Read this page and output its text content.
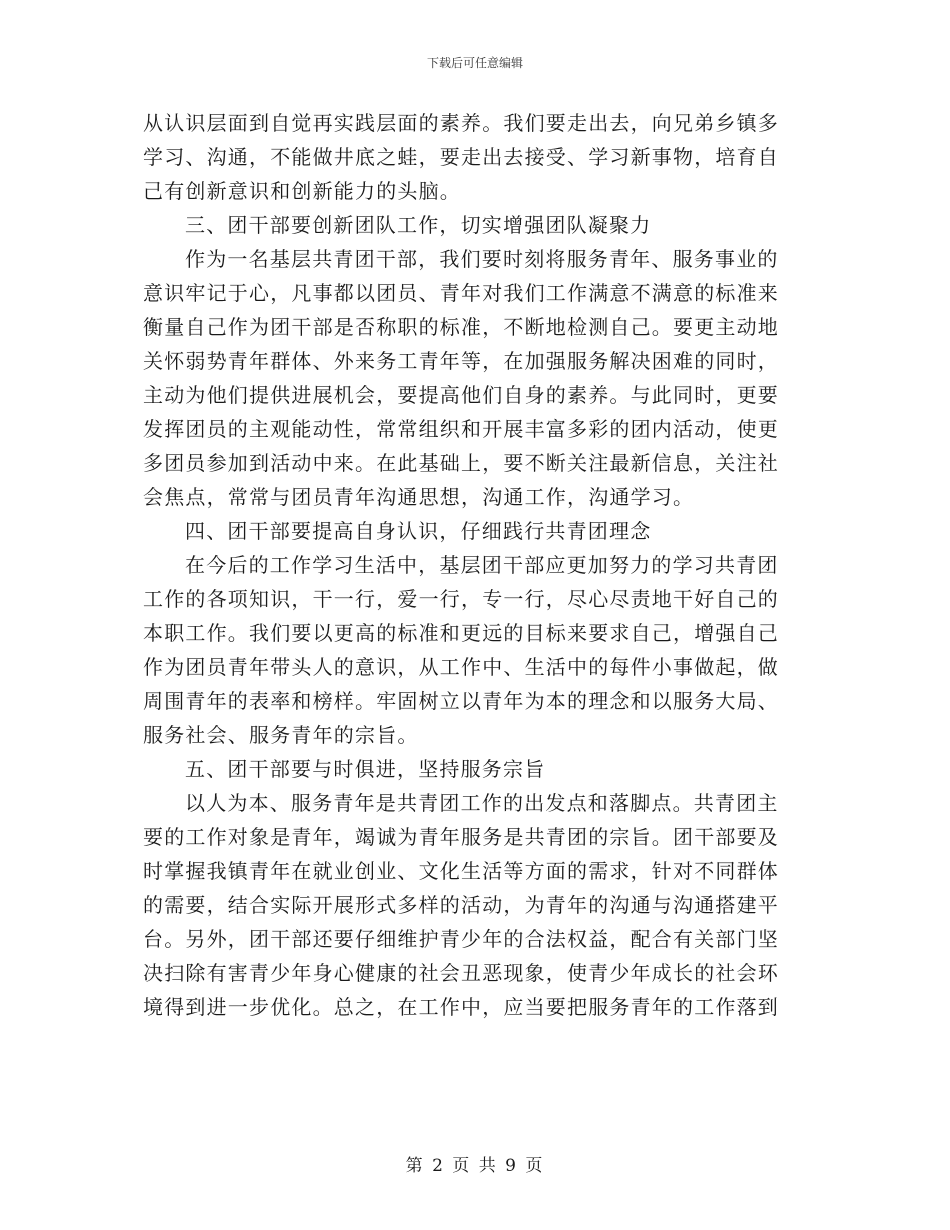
下载后可任意编辑
从认识层面到自觉再实践层面的素养。我们要走出去，向兄弟乡镇多
学习、沟通，不能做井底之蛙，要走出去接受、学习新事物，培育自
己有创新意识和创新能力的头脑。
三、团干部要创新团队工作，切实增强团队凝聚力
作为一名基层共青团干部，我们要时刻将服务青年、服务事业的
意识牢记于心，凡事都以团员、青年对我们工作满意不满意的标准来
衡量自己作为团干部是否称职的标准，不断地检测自己。要更主动地
关怀弱势青年群体、外来务工青年等，在加强服务解决困难的同时，
主动为他们提供进展机会，要提高他们自身的素养。与此同时，更要
发挥团员的主观能动性，常常组织和开展丰富多彩的团内活动，使更
多团员参加到活动中来。在此基础上，要不断关注最新信息，关注社
会焦点，常常与团员青年沟通思想，沟通工作，沟通学习。
四、团干部要提高自身认识，仔细践行共青团理念
在今后的工作学习生活中，基层团干部应更加努力的学习共青团
工作的各项知识，干一行，爱一行，专一行，尽心尽责地干好自己的
本职工作。我们要以更高的标准和更远的目标来要求自己，增强自己
作为团员青年带头人的意识，从工作中、生活中的每件小事做起，做
周围青年的表率和榜样。牢固树立以青年为本的理念和以服务大局、
服务社会、服务青年的宗旨。
五、团干部要与时俱进，坚持服务宗旨
以人为本、服务青年是共青团工作的出发点和落脚点。共青团主
要的工作对象是青年，竭诚为青年服务是共青团的宗旨。团干部要及
时掌握我镇青年在就业创业、文化生活等方面的需求，针对不同群体
的需要，结合实际开展形式多样的活动，为青年的沟通与沟通搭建平
台。另外，团干部还要仔细维护青少年的合法权益，配合有关部门坚
决扫除有害青少年身心健康的社会丑恶现象，使青少年成长的社会环
境得到进一步优化。总之，在工作中，应当要把服务青年的工作落到
第 2 页 共 9 页
